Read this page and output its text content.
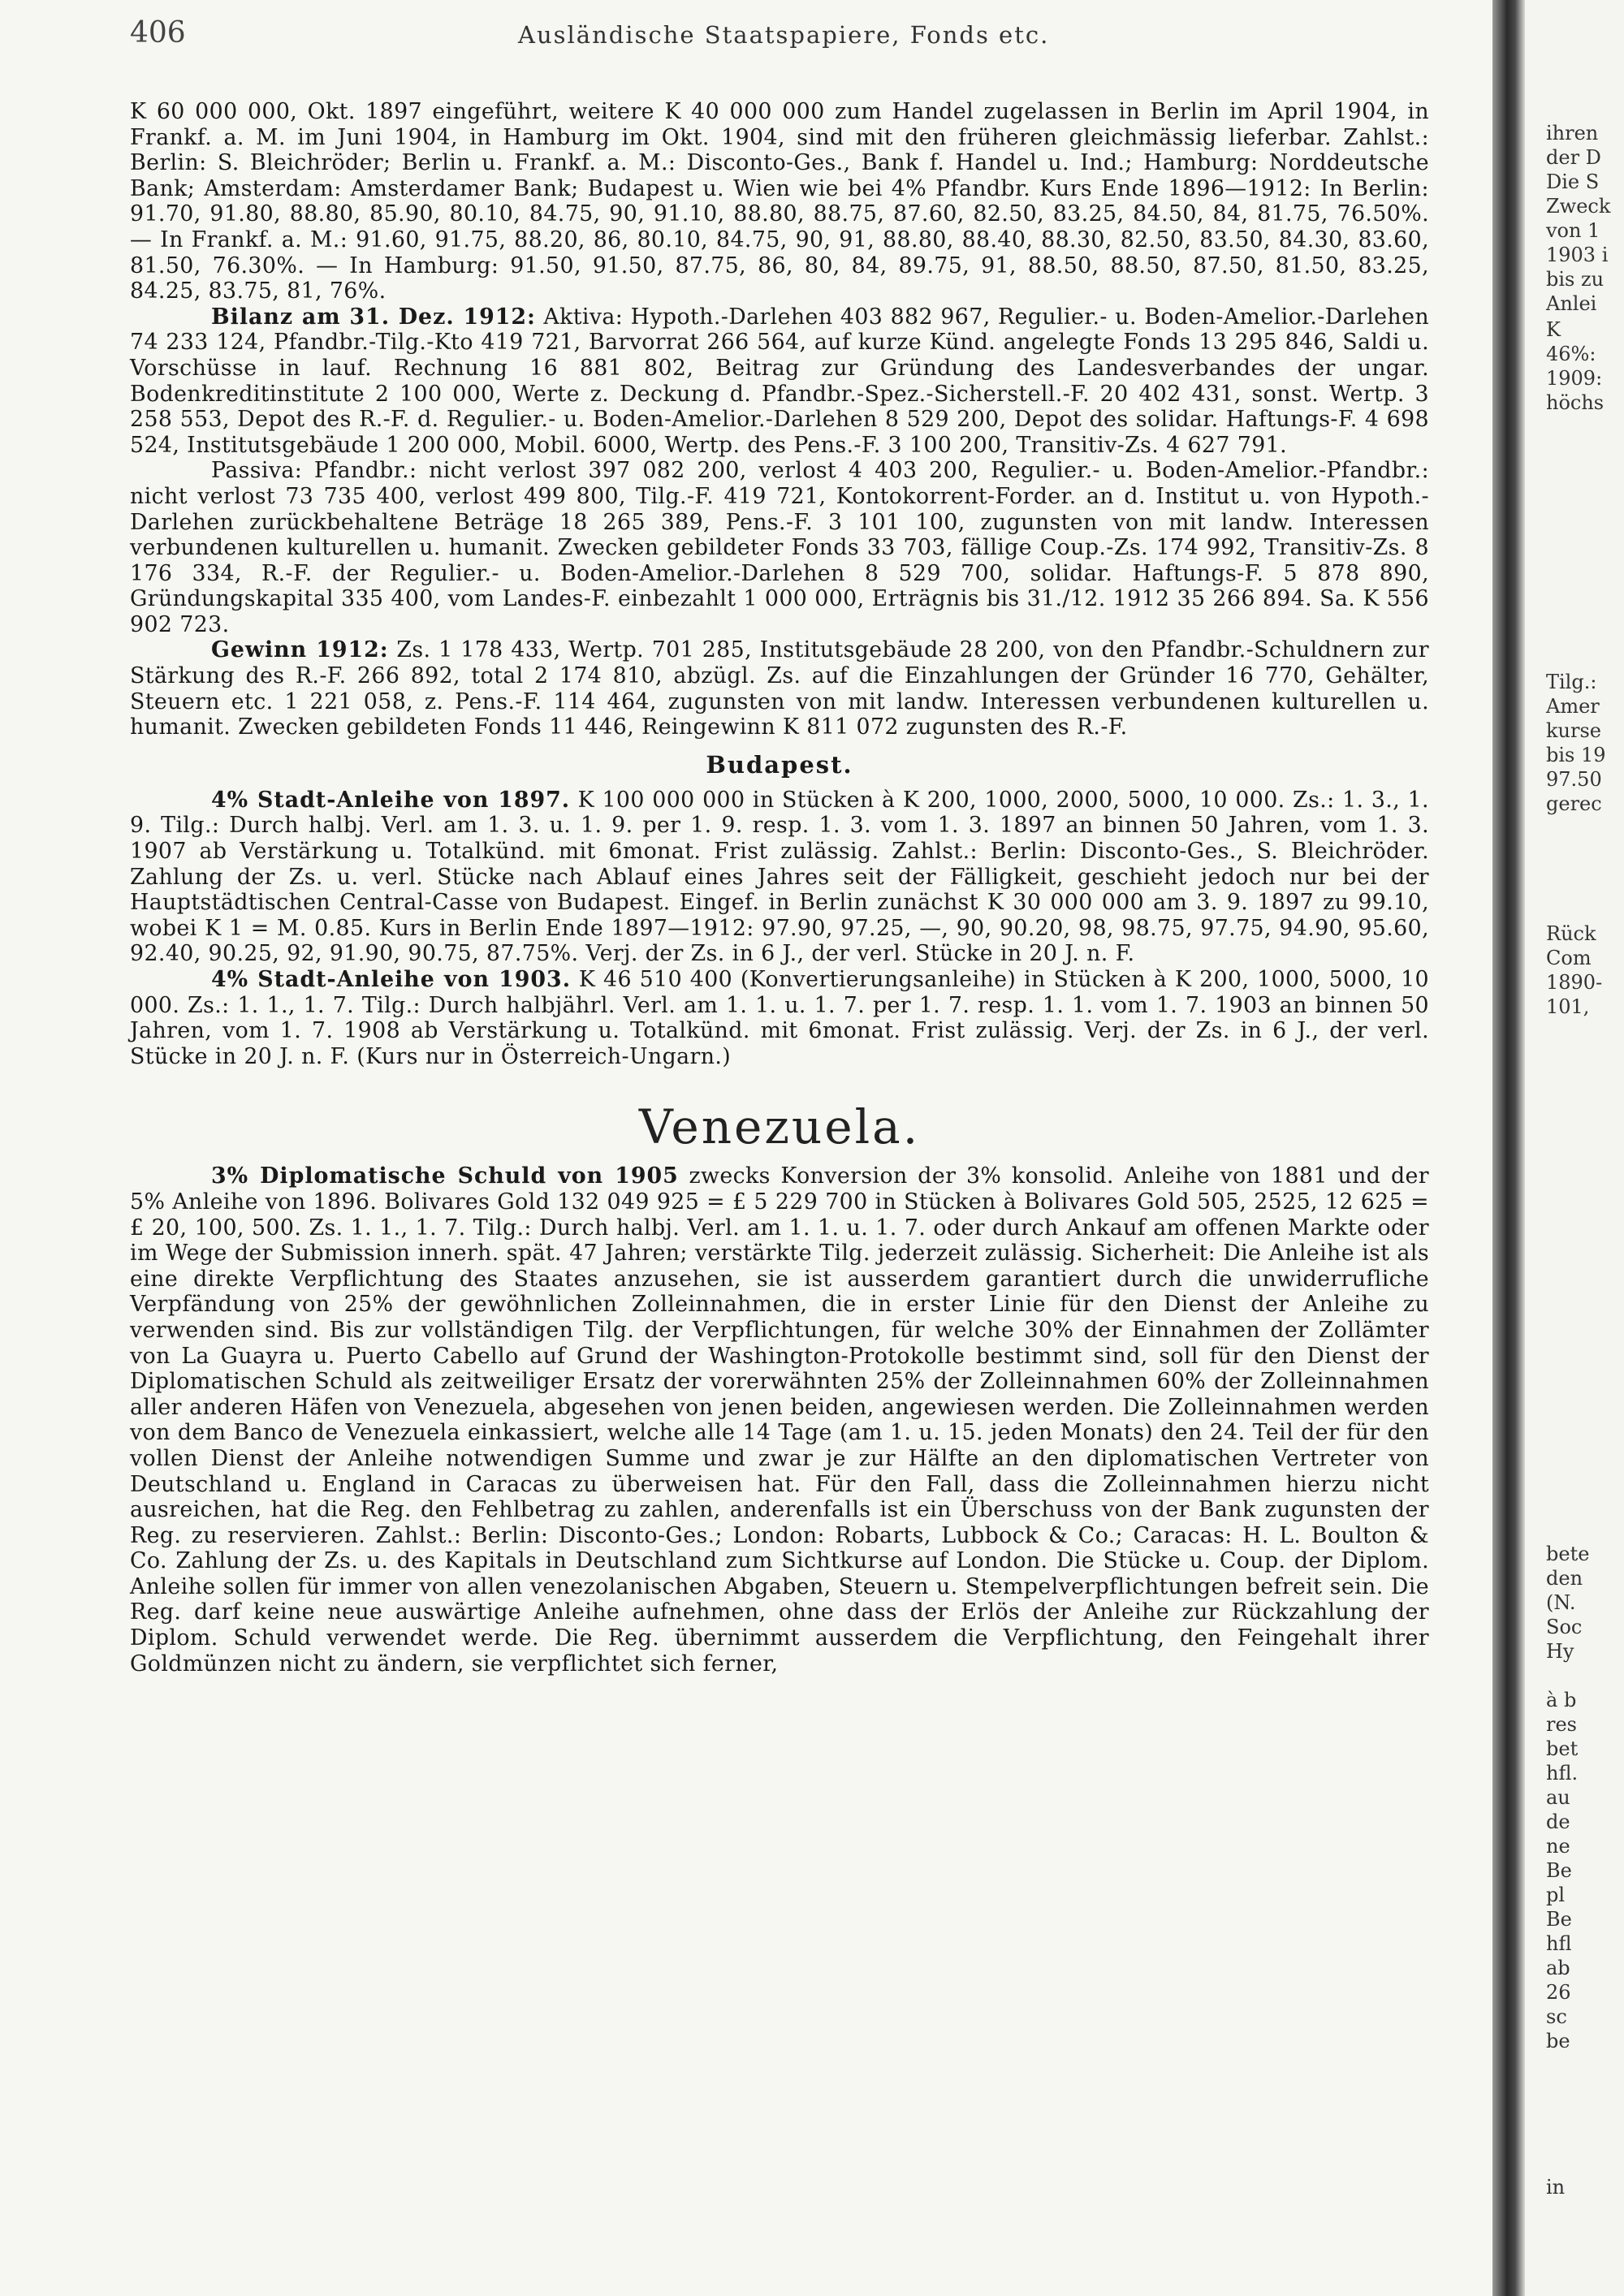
406	Ausländische Staatspapiere, Fonds etc.

K 60 000 000, Okt. 1897 eingeführt, weitere K 40 000 000 zum Handel zugelassen in Berlin im April 1904, in Frankf. a. M. im Juni 1904, in Hamburg im Okt. 1904, sind mit den früheren gleichmässig lieferbar. Zahlst.: Berlin: S. Bleichröder; Berlin u. Frankf. a. M.: Disconto-Ges., Bank f. Handel u. Ind.; Hamburg: Norddeutsche Bank; Amsterdam: Amsterdamer Bank; Budapest u. Wien wie bei 4% Pfandbr. Kurs Ende 1896—1912: In Berlin: 91.70, 91.80, 88.80, 85.90, 80.10, 84.75, 90, 91.10, 88.80, 88.75, 87.60, 82.50, 83.25, 84.50, 84, 81.75, 76.50%. — In Frankf. a. M.: 91.60, 91.75, 88.20, 86, 80.10, 84.75, 90, 91, 88.80, 88.40, 88.30, 82.50, 83.50, 84.30, 83.60, 81.50, 76.30%. — In Hamburg: 91.50, 91.50, 87.75, 86, 80, 84, 89.75, 91, 88.50, 88.50, 87.50, 81.50, 83.25, 84.25, 83.75, 81, 76%.

Bilanz am 31. Dez. 1912: Aktiva: Hypoth.-Darlehen 403 882 967, Regulier.- u. Boden-Amelior.-Darlehen 74 233 124, Pfandbr.-Tilg.-Kto 419 721, Barvorrat 266 564, auf kurze Künd. angelegte Fonds 13 295 846, Saldi u. Vorschüsse in lauf. Rechnung 16 881 802, Beitrag zur Gründung des Landesverbandes der ungar. Bodenkreditinstitute 2 100 000, Werte z. Deckung d. Pfandbr.-Spez.-Sicherstell.-F. 20 402 431, sonst. Wertp. 3 258 553, Depot des R.-F. d. Regulier.- u. Boden-Amelior.-Darlehen 8 529 200, Depot des solidar. Haftungs-F. 4 698 524, Institutsgebäude 1 200 000, Mobil. 6000, Wertp. des Pens.-F. 3 100 200, Transitiv-Zs. 4 627 791.

Passiva: Pfandbr.: nicht verlost 397 082 200, verlost 4 403 200, Regulier.- u. Boden-Amelior.-Pfandbr.: nicht verlost 73 735 400, verlost 499 800, Tilg.-F. 419 721, Kontokorrent-Forder. an d. Institut u. von Hypoth.-Darlehen zurückbehaltene Beträge 18 265 389, Pens.-F. 3 101 100, zugunsten von mit landw. Interessen verbundenen kulturellen u. humanit. Zwecken gebildeter Fonds 33 703, fällige Coup.-Zs. 174 992, Transitiv-Zs. 8 176 334, R.-F. der Regulier.- u. Boden-Amelior.-Darlehen 8 529 700, solidar. Haftungs-F. 5 878 890, Gründungskapital 335 400, vom Landes-F. einbezahlt 1 000 000, Erträgnis bis 31./12. 1912 35 266 894. Sa. K 556 902 723.

Gewinn 1912: Zs. 1 178 433, Wertp. 701 285, Institutsgebäude 28 200, von den Pfandbr.-Schuldnern zur Stärkung des R.-F. 266 892, total 2 174 810, abzügl. Zs. auf die Einzahlungen der Gründer 16 770, Gehälter, Steuern etc. 1 221 058, z. Pens.-F. 114 464, zugunsten von mit landw. Interessen verbundenen kulturellen u. humanit. Zwecken gebildeten Fonds 11 446, Reingewinn K 811 072 zugunsten des R.-F.

Budapest.

4% Stadt-Anleihe von 1897. K 100 000 000 in Stücken à K 200, 1000, 2000, 5000, 10 000. Zs.: 1. 3., 1. 9. Tilg.: Durch halbj. Verl. am 1. 3. u. 1. 9. per 1. 9. resp. 1. 3. vom 1. 3. 1897 an binnen 50 Jahren, vom 1. 3. 1907 ab Verstärkung u. Totalkünd. mit 6monat. Frist zulässig. Zahlst.: Berlin: Disconto-Ges., S. Bleichröder. Zahlung der Zs. u. verl. Stücke nach Ablauf eines Jahres seit der Fälligkeit, geschieht jedoch nur bei der Hauptstädtischen Central-Casse von Budapest. Eingef. in Berlin zunächst K 30 000 000 am 3. 9. 1897 zu 99.10, wobei K 1 = M. 0.85. Kurs in Berlin Ende 1897—1912: 97.90, 97.25, —, 90, 90.20, 98, 98.75, 97.75, 94.90, 95.60, 92.40, 90.25, 92, 91.90, 90.75, 87.75%. Verj. der Zs. in 6 J., der verl. Stücke in 20 J. n. F.

4% Stadt-Anleihe von 1903. K 46 510 400 (Konvertierungsanleihe) in Stücken à K 200, 1000, 5000, 10 000. Zs.: 1. 1., 1. 7. Tilg.: Durch halbjährl. Verl. am 1. 1. u. 1. 7. per 1. 7. resp. 1. 1. vom 1. 7. 1903 an binnen 50 Jahren, vom 1. 7. 1908 ab Verstärkung u. Totalkünd. mit 6monat. Frist zulässig. Verj. der Zs. in 6 J., der verl. Stücke in 20 J. n. F. (Kurs nur in Österreich-Ungarn.)

Venezuela.

3% Diplomatische Schuld von 1905 zwecks Konversion der 3% konsolid. Anleihe von 1881 und der 5% Anleihe von 1896. Bolivares Gold 132 049 925 = £ 5 229 700 in Stücken à Bolivares Gold 505, 2525, 12 625 = £ 20, 100, 500. Zs. 1. 1., 1. 7. Tilg.: Durch halbj. Verl. am 1. 1. u. 1. 7. oder durch Ankauf am offenen Markte oder im Wege der Submission innerh. spät. 47 Jahren; verstärkte Tilg. jederzeit zulässig. Sicherheit: Die Anleihe ist als eine direkte Verpflichtung des Staates anzusehen, sie ist ausserdem garantiert durch die unwiderrufliche Verpfändung von 25% der gewöhnlichen Zolleinnahmen, die in erster Linie für den Dienst der Anleihe zu verwenden sind. Bis zur vollständigen Tilg. der Verpflichtungen, für welche 30% der Einnahmen der Zollämter von La Guayra u. Puerto Cabello auf Grund der Washington-Protokolle bestimmt sind, soll für den Dienst der Diplomatischen Schuld als zeitweiliger Ersatz der vorerwähnten 25% der Zolleinnahmen 60% der Zolleinnahmen aller anderen Häfen von Venezuela, abgesehen von jenen beiden, angewiesen werden. Die Zolleinnahmen werden von dem Banco de Venezuela einkassiert, welche alle 14 Tage (am 1. u. 15. jeden Monats) den 24. Teil der für den vollen Dienst der Anleihe notwendigen Summe und zwar je zur Hälfte an den diplomatischen Vertreter von Deutschland u. England in Caracas zu überweisen hat. Für den Fall, dass die Zolleinnahmen hierzu nicht ausreichen, hat die Reg. den Fehlbetrag zu zahlen, anderenfalls ist ein Überschuss von der Bank zugunsten der Reg. zu reservieren. Zahlst.: Berlin: Disconto-Ges.; London: Robarts, Lubbock & Co.; Caracas: H. L. Boulton & Co. Zahlung der Zs. u. des Kapitals in Deutschland zum Sichtkurse auf London. Die Stücke u. Coup. der Diplom. Anleihe sollen für immer von allen venezolanischen Abgaben, Steuern u. Stempelverpflichtungen befreit sein. Die Reg. darf keine neue auswärtige Anleihe aufnehmen, ohne dass der Erlös der Anleihe zur Rückzahlung der Diplom. Schuld verwendet werde. Die Reg. übernimmt ausserdem die Verpflichtung, den Feingehalt ihrer Goldmünzen nicht zu ändern, sie verpflichtet sich ferner,

ihren
der D
Die S
Zweck
von 1
1903 i
bis zu
Anlei
K
46%:
1909:
höchs
Tilg.:
Amer
kurse
bis 19
97.50
gerec
Rück
Com
1890-
101,
bete
den
(N.
Soc
Hy
à b
res
bet
hfl.
au
de
ne
Be
pl
Be
hfl
ab
26
sc
be
in
